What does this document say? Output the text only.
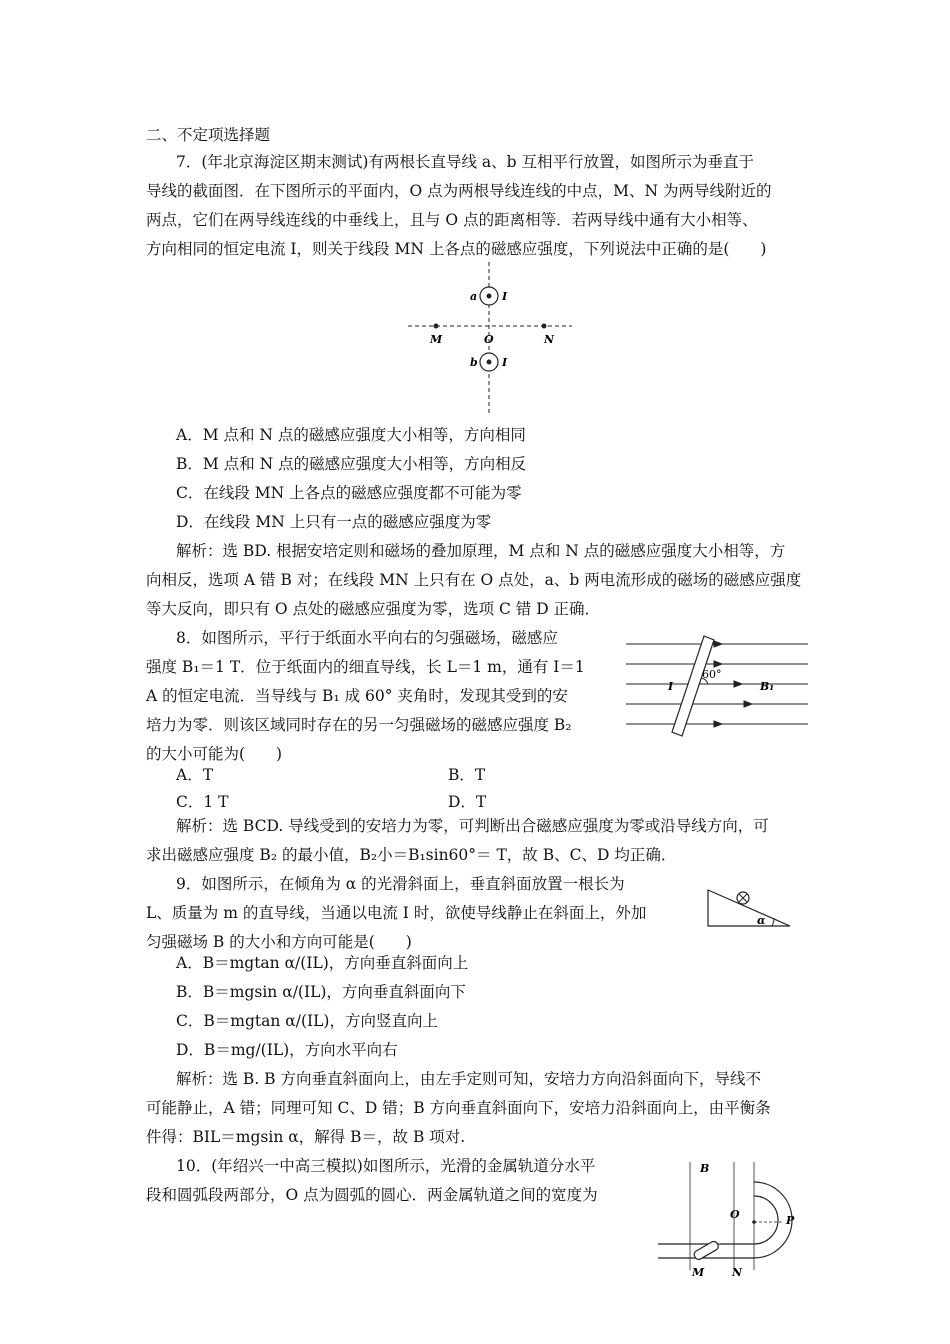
二、不定项选择题
7．(年北京海淀区期末测试)有两根长直导线 a、b 互相平行放置，如图所示为垂直于
导线的截面图．在下图所示的平面内，O 点为两根导线连线的中点，M、N 为两导线附近的
两点，它们在两导线连线的中垂线上，且与 O 点的距离相等．若两导线中通有大小相等、
方向相同的恒定电流 I，则关于线段 MN 上各点的磁感应强度，下列说法中正确的是(　　)
a I
b I
M	O	N
A．M 点和 N 点的磁感应强度大小相等，方向相同
B．M 点和 N 点的磁感应强度大小相等，方向相反
C．在线段 MN 上各点的磁感应强度都不可能为零
D．在线段 MN 上只有一点的磁感应强度为零
解析：选 BD. 根据安培定则和磁场的叠加原理，M 点和 N 点的磁感应强度大小相等，方
向相反，选项 A 错 B 对；在线段 MN 上只有在 O 点处，a、b 两电流形成的磁场的磁感应强度
等大反向，即只有 O 点处的磁感应强度为零，选项 C 错 D 正确．
8．如图所示，平行于纸面水平向右的匀强磁场，磁感应
强度 B₁＝1 T．位于纸面内的细直导线，长 L＝1 m，通有 I＝1
A 的恒定电流．当导线与 B₁ 成 60° 夹角时，发现其受到的安
培力为零．则该区域同时存在的另一匀强磁场的磁感应强度 B₂
的大小可能为(　　)
I
60°
B₁
A．T	B．T
C．1 T	D．T
解析：选 BCD. 导线受到的安培力为零，可判断出合磁感应强度为零或沿导线方向，可
求出磁感应强度 B₂ 的最小值，B₂小＝B₁sin60°＝ T，故 B、C、D 均正确．
9．如图所示，在倾角为 α 的光滑斜面上，垂直斜面放置一根长为
L、质量为 m 的直导线，当通以电流 I 时，欲使导线静止在斜面上，外加
匀强磁场 B 的大小和方向可能是(　　)
α
A．B＝mgtan α/(IL)，方向垂直斜面向上
B．B＝mgsin α/(IL)，方向垂直斜面向下
C．B＝mgtan α/(IL)，方向竖直向上
D．B＝mg/(IL)，方向水平向右
解析：选 B. B 方向垂直斜面向上，由左手定则可知，安培力方向沿斜面向下，导线不
可能静止，A 错；同理可知 C、D 错；B 方向垂直斜面向下，安培力沿斜面向上，由平衡条
件得：BIL＝mgsin α，解得 B＝，故 B 项对.
10．(年绍兴一中高三模拟)如图所示，光滑的金属轨道分水平
段和圆弧段两部分，O 点为圆弧的圆心．两金属轨道之间的宽度为
B
O	P
M	N
